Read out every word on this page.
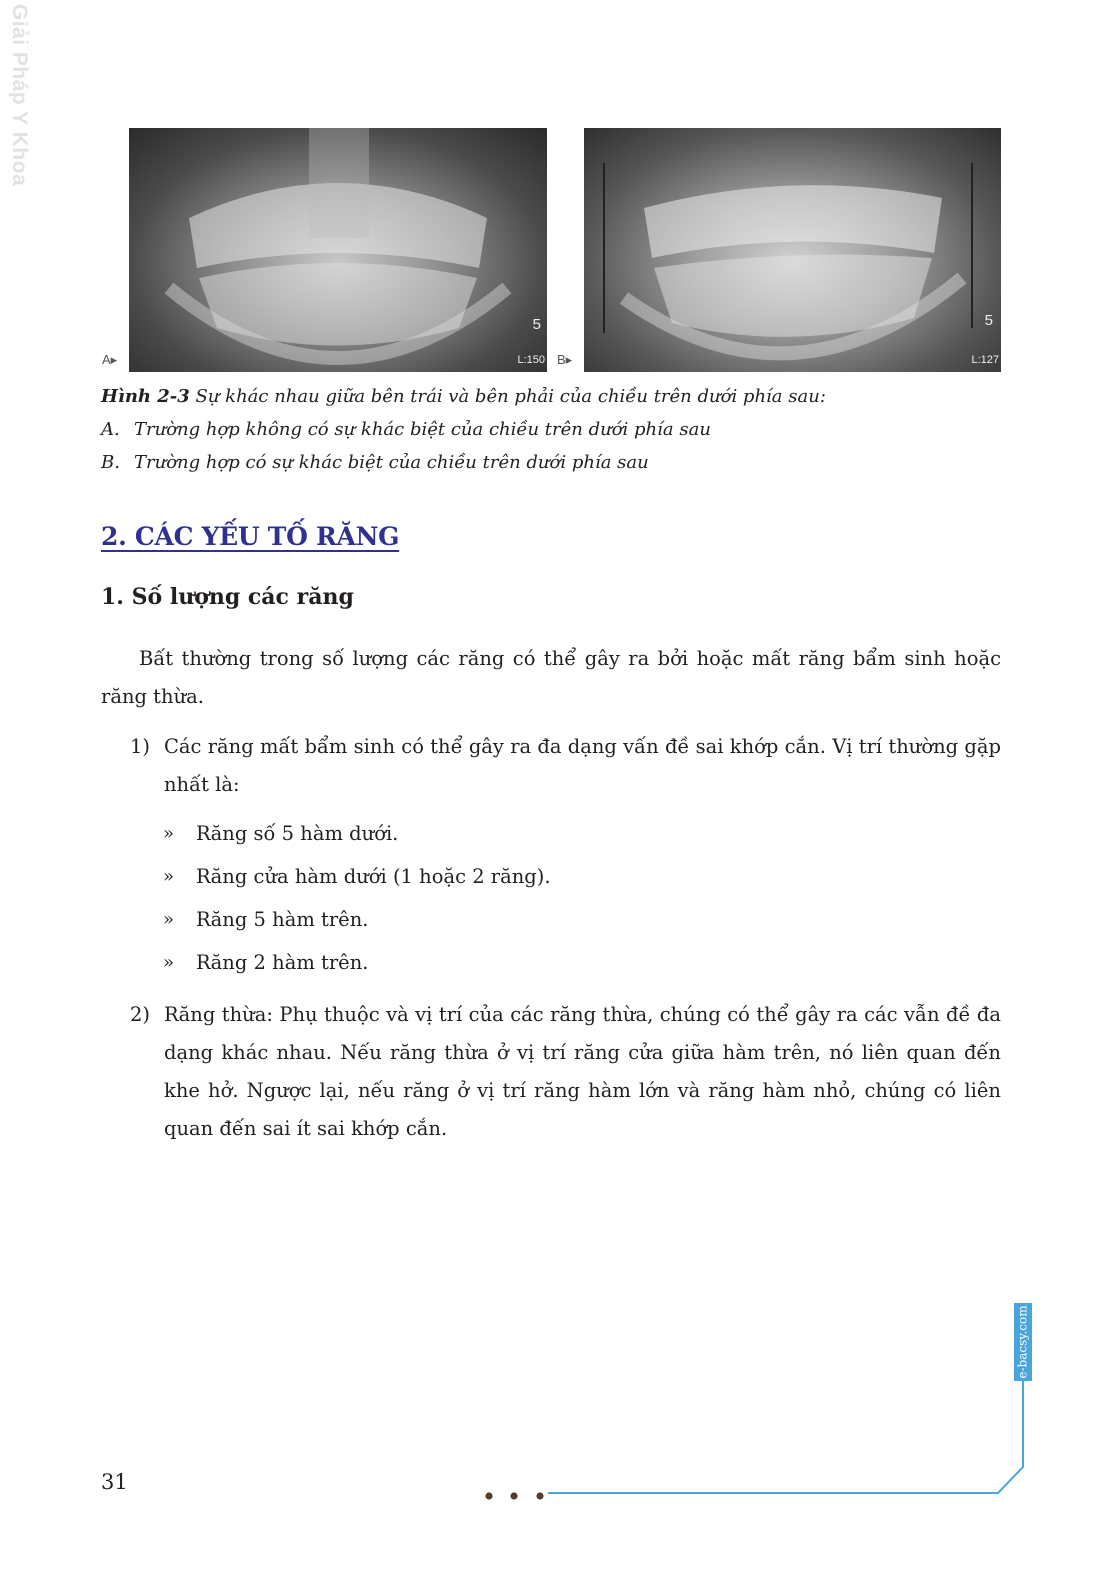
Giải Pháp Y Khoa
A▸
5
L:150 B▸
5
L:127
Hình 2-3 Sự khác nhau giữa bên trái và bên phải của chiều trên dưới phía sau:
A. Trường hợp không có sự khác biệt của chiều trên dưới phía sau
B. Trường hợp có sự khác biệt của chiều trên dưới phía sau
2. CÁC YẾU TỐ RĂNG
1. Số lượng các răng

Bất thường trong số lượng các răng có thể gây ra bởi hoặc mất răng bẩm sinh hoặc răng thừa.

1) Các răng mất bẩm sinh có thể gây ra đa dạng vấn đề sai khớp cắn. Vị trí thường gặp nhất là:
»	Răng số 5 hàm dưới.
»	Răng cửa hàm dưới (1 hoặc 2 răng).
»	Răng 5 hàm trên.
»	Răng 2 hàm trên.
2) Răng thừa: Phụ thuộc và vị trí của các răng thừa, chúng có thể gây ra các vẫn đề đa dạng khác nhau. Nếu răng thừa ở vị trí răng cửa giữa hàm trên, nó liên quan đến khe hở. Ngược lại, nếu răng ở vị trí răng hàm lớn và răng hàm nhỏ, chúng có liên quan đến sai ít sai khớp cắn.
e-bacsy.com
31
